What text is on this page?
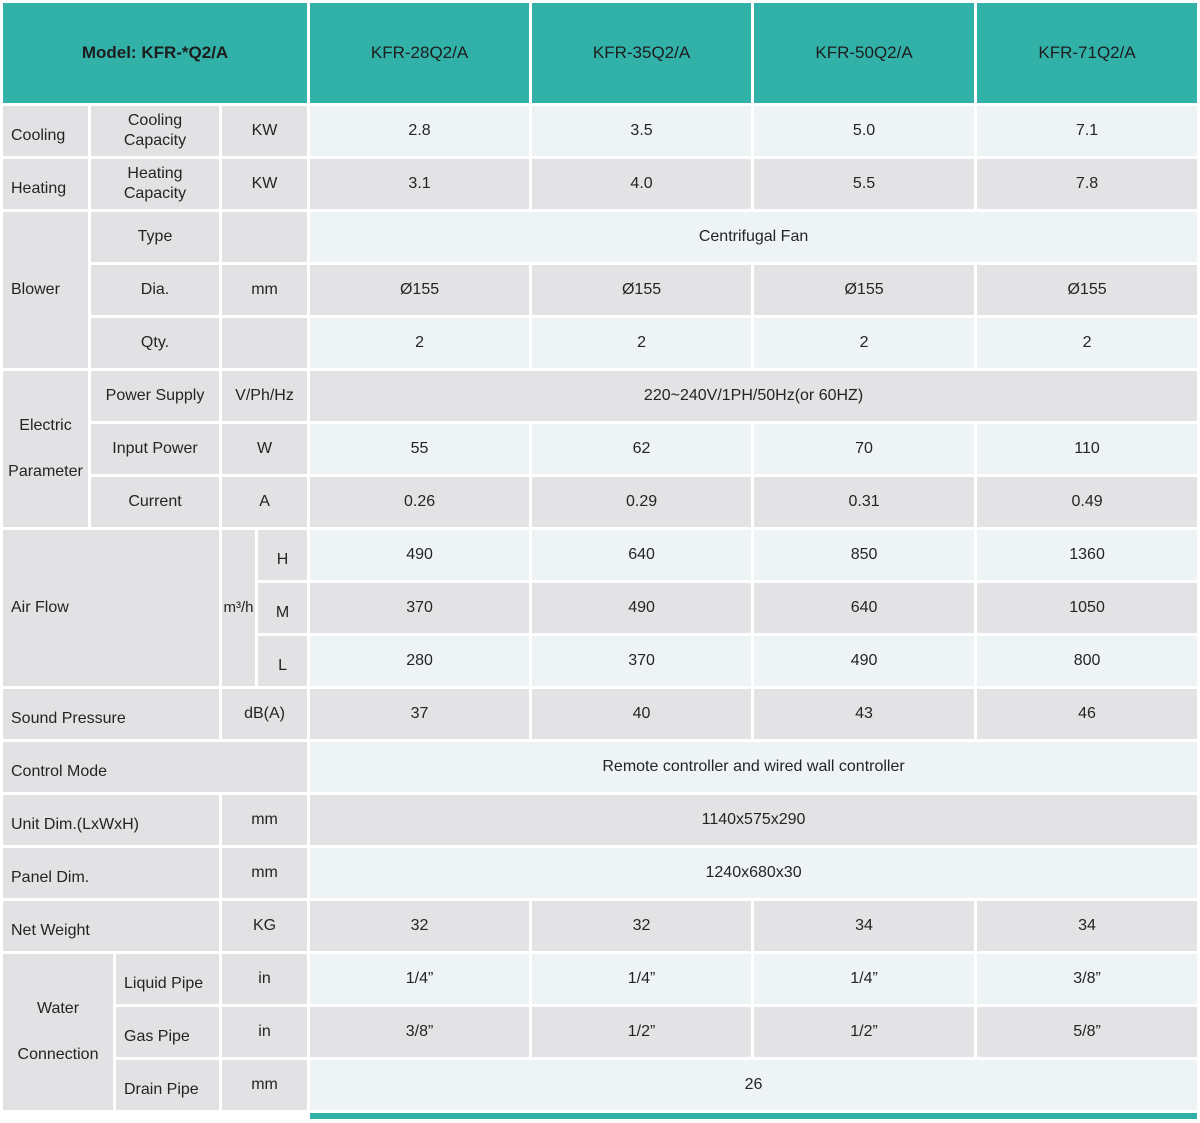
Model: KFR-*Q2/A					KFR-28Q2/A	KFR-35Q2/A	KFR-50Q2/A	KFR-71Q2/A
Cooling	Cooling Capacity		KW		2.8	3.5	5.0	7.1
Heating	Heating Capacity		KW		3.1	4.0	5.5	7.8
Blower	Type				Centrifugal Fan			
	Dia.		mm		Ø155	Ø155	Ø155	Ø155
	Qty.				2	2	2	2
Electric Parameter	Power Supply		V/Ph/Hz		220~240V/1PH/50Hz(or 60HZ)			
	Input Power		W		55	62	70	110
	Current		A		0.26	0.29	0.31	0.49
Air Flow			m³/h	H	490	640	850	1360
				M	370	490	640	1050
				L	280	370	490	800
Sound Pressure			dB(A)		37	40	43	46
Control Mode					Remote controller and wired wall controller			
Unit Dim.(LxWxH)			mm		1140x575x290			
Panel Dim.			mm		1240x680x30			
Net Weight			KG		32	32	34	34
Water Connection		Liquid Pipe	in		1/4”	1/4”	1/4”	3/8”
		Gas Pipe	in		3/8”	1/2”	1/2”	5/8”
		Drain Pipe	mm		26			
